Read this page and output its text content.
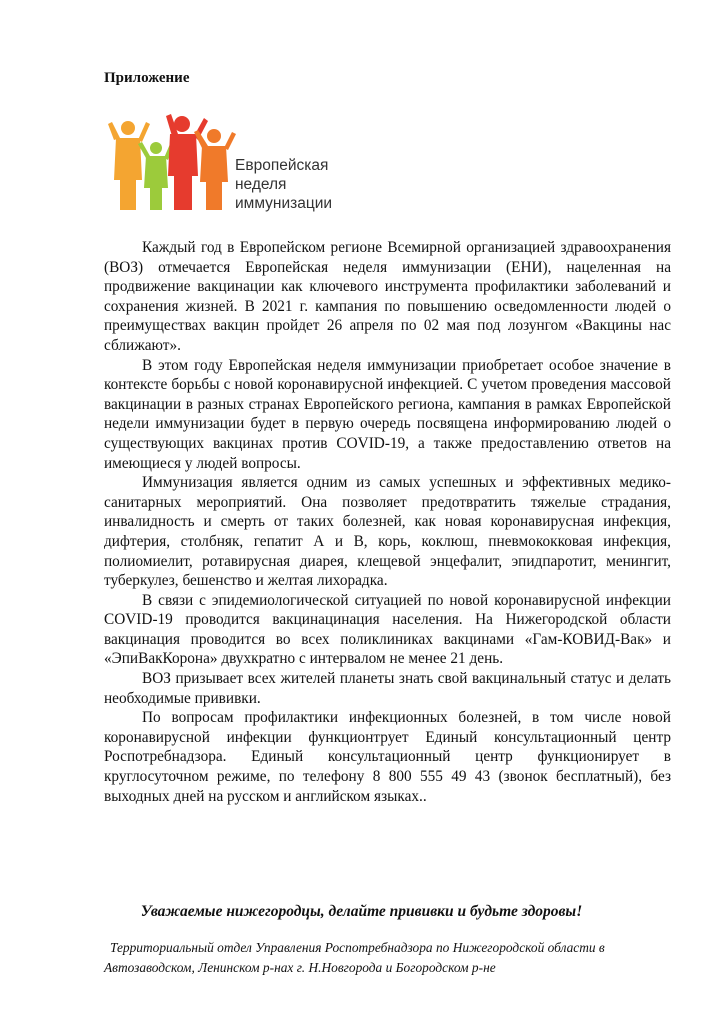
Приложение
Европейская
неделя
иммунизации

Каждый год в Европейском регионе Всемирной организацией здравоохранения (ВОЗ) отмечается Европейская неделя иммунизации (ЕНИ), нацеленная на продвижение вакцинации как ключевого инструмента профилактики заболеваний и сохранения жизней. В 2021 г. кампания по повышению осведомленности людей о преимуществах вакцин пройдет 26 апреля по 02 мая под лозунгом «Вакцины нас сближают».

В этом году Европейская неделя иммунизации приобретает особое значение в контексте борьбы с новой коронавирусной инфекцией. С учетом проведения массовой вакцинации в разных странах Европейского региона, кампания в рамках Европейской недели иммунизации будет в первую очередь посвящена информированию людей о существующих вакцинах против COVID-19, а также предоставлению ответов на имеющиеся у людей вопросы.

Иммунизация является одним из самых успешных и эффективных медико-санитарных мероприятий. Она позволяет предотвратить тяжелые страдания, инвалидность и смерть от таких болезней, как новая коронавирусная инфекция, дифтерия, столбняк, гепатит А и В, корь, коклюш, пневмококковая инфекция, полиомиелит, ротавирусная диарея, клещевой энцефалит, эпидпаротит, менингит, туберкулез, бешенство и желтая лихорадка.

В связи с эпидемиологической ситуацией по новой коронавирусной инфекции COVID-19 проводится вакцинацинация населения. На Нижегородской области вакцинация проводится во всех поликлиниках вакцинами «Гам-КОВИД-Вак» и «ЭпиВакКорона» двухкратно с интервалом не менее 21 день.

ВОЗ призывает всех жителей планеты знать свой вакцинальный статус и делать необходимые прививки.

По вопросам профилактики инфекционных болезней, в том числе новой коронавирусной инфекции функционтрует Единый консультационный центр Роспотребнадзора. Единый консультационный центр функционирует в круглосуточном режиме, по телефону 8 800 555 49 43 (звонок бесплатный), без выходных дней на русском и английском языках..

Уважаемые нижегородцы, делайте прививки и будьте здоровы!

Территориальный отдел Управления Роспотребнадзора по Нижегородской области в Автозаводском, Ленинском р-нах г. Н.Новгорода и Богородском р-не
